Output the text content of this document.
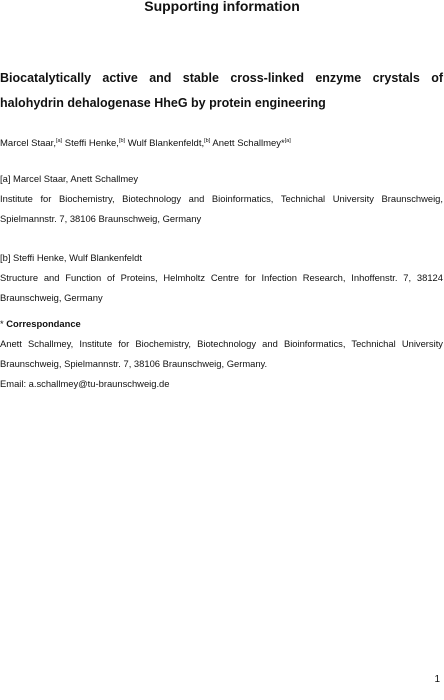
Supporting information
Biocatalytically active and stable cross-linked enzyme crystals of halohydrin dehalogenase HheG by protein engineering
Marcel Staar,[a] Steffi Henke,[b] Wulf Blankenfeldt,[b] Anett Schallmey*[a]
[a] Marcel Staar, Anett Schallmey
Institute for Biochemistry, Biotechnology and Bioinformatics, Technichal University Braunschweig, Spielmannstr. 7, 38106 Braunschweig, Germany
[b] Steffi Henke, Wulf Blankenfeldt
Structure and Function of Proteins, Helmholtz Centre for Infection Research, Inhoffenstr. 7, 38124 Braunschweig, Germany
* Correspondance
Anett Schallmey, Institute for Biochemistry, Biotechnology and Bioinformatics, Technichal University Braunschweig, Spielmannstr. 7, 38106 Braunschweig, Germany.
Email: a.schallmey@tu-braunschweig.de
1
